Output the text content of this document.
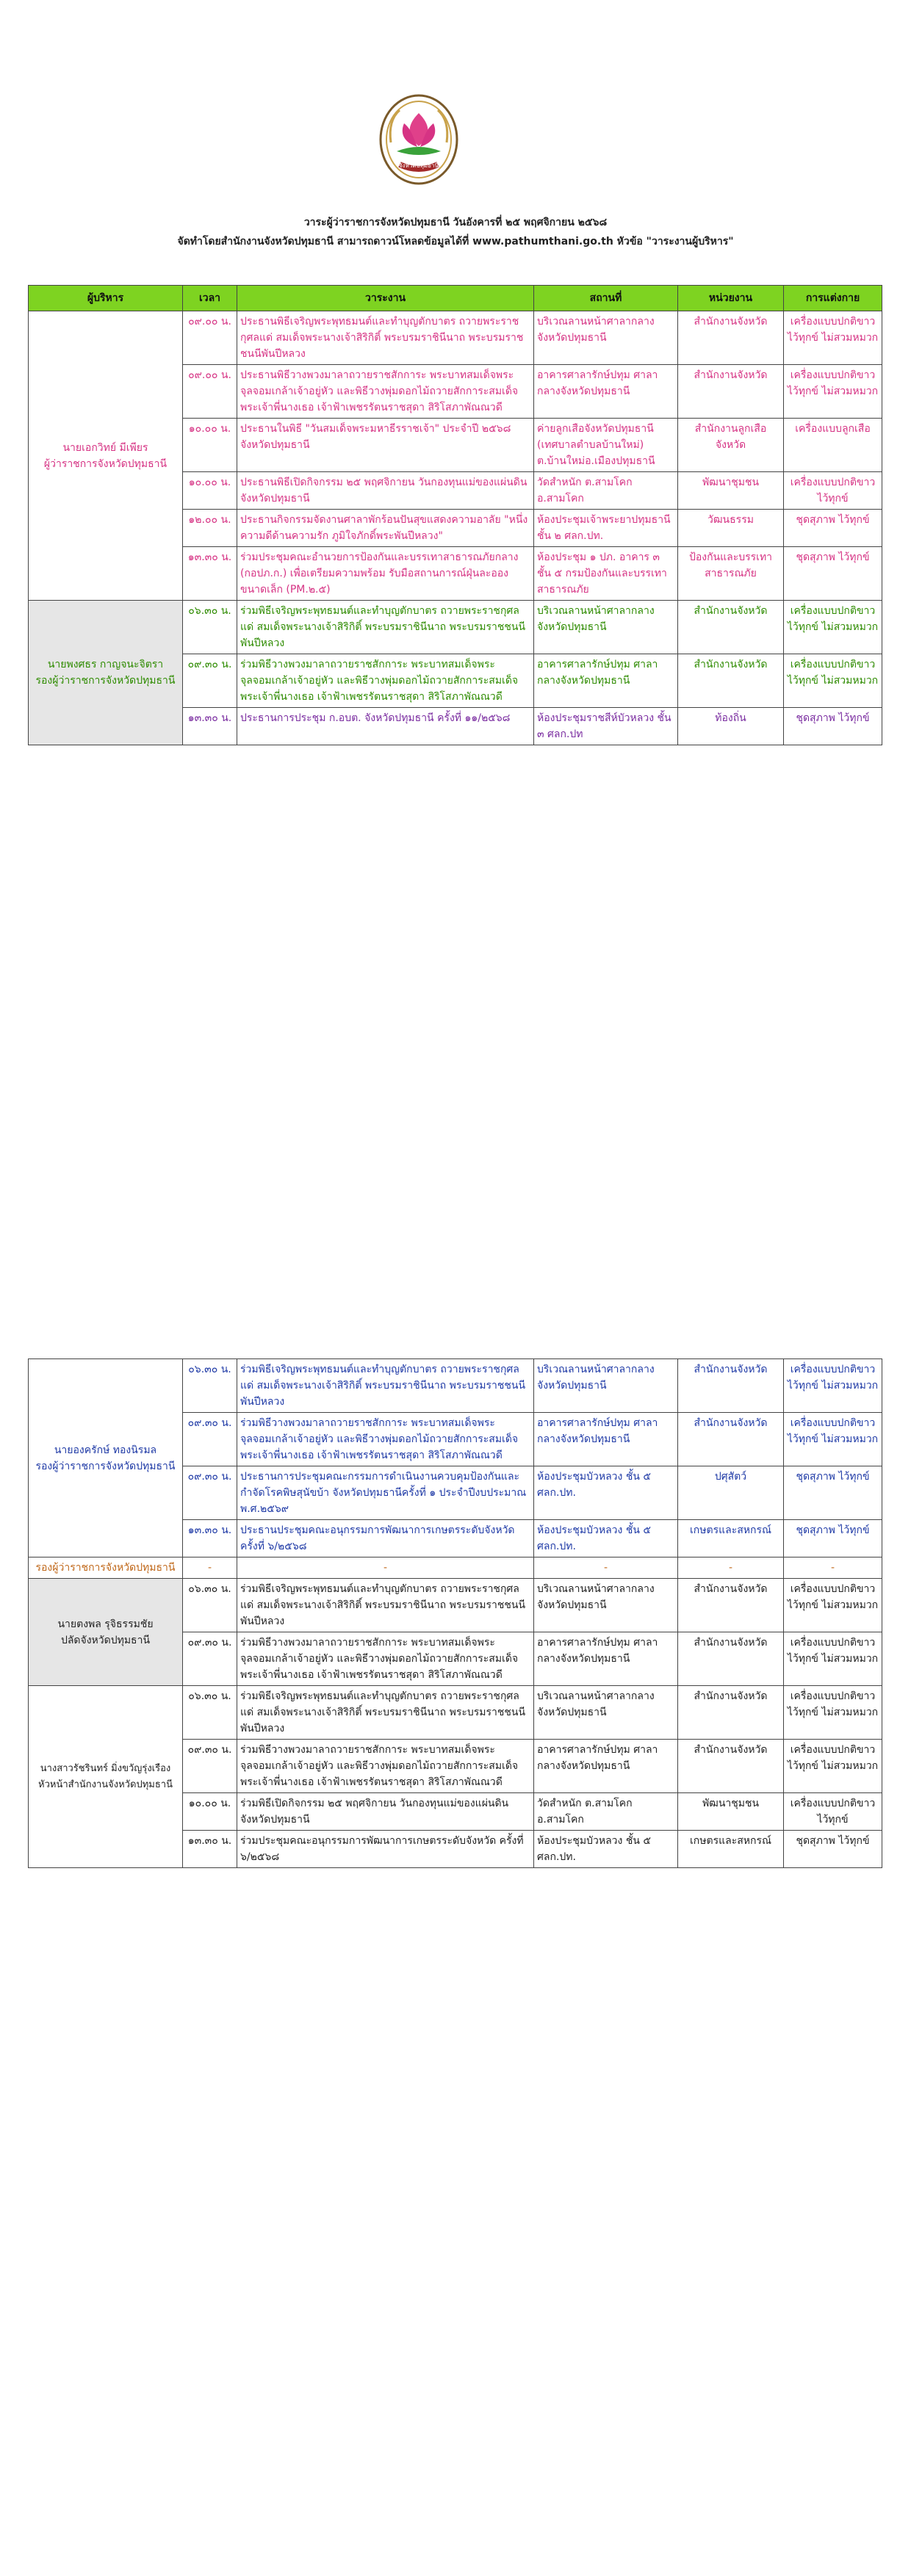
จังหวัดปทุมธานี
วาระผู้ว่าราชการจังหวัดปทุมธานี วันอังคารที่ ๒๕ พฤศจิกายน ๒๕๖๘
จัดทำโดยสำนักงานจังหวัดปทุมธานี สามารถดาวน์โหลดข้อมูลได้ที่ www.pathumthani.go.th หัวข้อ "วาระงานผู้บริหาร"
ผู้บริหาร	เวลา	วาระงาน	สถานที่	หน่วยงาน	การแต่งกาย

นายเอกวิทย์ มีเพียร
ผู้ว่าราชการจังหวัดปทุมธานี	๐๙.๐๐ น.	ประธานพิธีเจริญพระพุทธมนต์และทำบุญตักบาตร ถวายพระราชกุศลแด่ สมเด็จพระนางเจ้าสิริกิติ์ พระบรมราชินีนาถ พระบรมราชชนนีพันปีหลวง	บริเวณลานหน้าศาลากลางจังหวัดปทุมธานี	สำนักงานจังหวัด	เครื่องแบบปกติขาว ไว้ทุกข์ ไม่สวมหมวก
	๐๙.๐๐ น.	ประธานพิธีวางพวงมาลาถวายราชสักการะ พระบาทสมเด็จพระจุลจอมเกล้าเจ้าอยู่หัว และพิธีวางพุ่มดอกไม้ถวายสักการะสมเด็จพระเจ้าพี่นางเธอ เจ้าฟ้าเพชรรัตนราชสุดา สิริโสภาพัณณวดี	อาคารศาลารักษ์ปทุม ศาลากลางจังหวัดปทุมธานี	สำนักงานจังหวัด	เครื่องแบบปกติขาว ไว้ทุกข์ ไม่สวมหมวก
	๑๐.๐๐ น.	ประธานในพิธี "วันสมเด็จพระมหาธีรราชเจ้า" ประจำปี ๒๕๖๘ จังหวัดปทุมธานี	ค่ายลูกเสือจังหวัดปทุมธานี (เทศบาลตำบลบ้านใหม่) ต.บ้านใหม่อ.เมืองปทุมธานี	สำนักงานลูกเสือจังหวัด	เครื่องแบบลูกเสือ
	๑๐.๐๐ น.	ประธานพิธีเปิดกิจกรรม ๒๕ พฤศจิกายน วันกองทุนแม่ของแผ่นดิน จังหวัดปทุมธานี	วัดสำหนัก ต.สามโคก อ.สามโคก	พัฒนาชุมชน	เครื่องแบบปกติขาว ไว้ทุกข์
	๑๒.๐๐ น.	ประธานกิจกรรมจัดงานศาลาพักร้อนปันสุขแสดงความอาลัย "หนึ่งความดีด้านความรัก ภูมิใจภักดิ์พระพันปีหลวง"	ห้องประชุมเจ้าพระยาปทุมธานี ชั้น ๒ ศลก.ปท.	วัฒนธรรม	ชุดสุภาพ ไว้ทุกข์
	๑๓.๓๐ น.	ร่วมประชุมคณะอำนวยการป้องกันและบรรเทาสาธารณภัยกลาง (กอปภ.ก.) เพื่อเตรียมความพร้อม รับมือสถานการณ์ฝุ่นละอองขนาดเล็ก (PM.๒.๕)	ห้องประชุม ๑ ปภ. อาคาร ๓ ชั้น ๕ กรมป้องกันและบรรเทาสาธารณภัย	ป้องกันและบรรเทาสาธารณภัย	ชุดสุภาพ ไว้ทุกข์

นายพงศธร กาญจนะจิตรา
รองผู้ว่าราชการจังหวัดปทุมธานี	๐๖.๓๐ น.	ร่วมพิธีเจริญพระพุทธมนต์และทำบุญตักบาตร ถวายพระราชกุศลแด่ สมเด็จพระนางเจ้าสิริกิติ์ พระบรมราชินีนาถ พระบรมราชชนนีพันปีหลวง	บริเวณลานหน้าศาลากลางจังหวัดปทุมธานี	สำนักงานจังหวัด	เครื่องแบบปกติขาว ไว้ทุกข์ ไม่สวมหมวก
	๐๙.๓๐ น.	ร่วมพิธีวางพวงมาลาถวายราชสักการะ พระบาทสมเด็จพระจุลจอมเกล้าเจ้าอยู่หัว และพิธีวางพุ่มดอกไม้ถวายสักการะสมเด็จพระเจ้าพี่นางเธอ เจ้าฟ้าเพชรรัตนราชสุดา สิริโสภาพัณณวดี	อาคารศาลารักษ์ปทุม ศาลากลางจังหวัดปทุมธานี	สำนักงานจังหวัด	เครื่องแบบปกติขาว ไว้ทุกข์ ไม่สวมหมวก
	๑๓.๓๐ น.	ประธานการประชุม ก.อบต. จังหวัดปทุมธานี ครั้งที่ ๑๑/๒๕๖๘	ห้องประชุมราชสีห์บัวหลวง ชั้น ๓ ศลก.ปท	ท้องถิ่น	ชุดสุภาพ ไว้ทุกข์
นายองครักษ์ ทองนิรมล
รองผู้ว่าราชการจังหวัดปทุมธานี	๐๖.๓๐ น.	ร่วมพิธีเจริญพระพุทธมนต์และทำบุญตักบาตร ถวายพระราชกุศลแด่ สมเด็จพระนางเจ้าสิริกิติ์ พระบรมราชินีนาถ พระบรมราชชนนีพันปีหลวง	บริเวณลานหน้าศาลากลางจังหวัดปทุมธานี	สำนักงานจังหวัด	เครื่องแบบปกติขาว ไว้ทุกข์ ไม่สวมหมวก
	๐๙.๓๐ น.	ร่วมพิธีวางพวงมาลาถวายราชสักการะ พระบาทสมเด็จพระจุลจอมเกล้าเจ้าอยู่หัว และพิธีวางพุ่มดอกไม้ถวายสักการะสมเด็จพระเจ้าพี่นางเธอ เจ้าฟ้าเพชรรัตนราชสุดา สิริโสภาพัณณวดี	อาคารศาลารักษ์ปทุม ศาลากลางจังหวัดปทุมธานี	สำนักงานจังหวัด	เครื่องแบบปกติขาว ไว้ทุกข์ ไม่สวมหมวก
	๐๙.๓๐ น.	ประธานการประชุมคณะกรรมการดำเนินงานควบคุมป้องกันและกำจัดโรคพิษสุนัขบ้า จังหวัดปทุมธานีครั้งที่ ๑ ประจำปีงบประมาณ พ.ศ.๒๕๖๙	ห้องประชุมบัวหลวง ชั้น ๕ ศลก.ปท.	ปศุสัตว์	ชุดสุภาพ ไว้ทุกข์
	๑๓.๓๐ น.	ประธานประชุมคณะอนุกรรมการพัฒนาการเกษตรระดับจังหวัด ครั้งที่ ๖/๒๕๖๘	ห้องประชุมบัวหลวง ชั้น ๕ ศลก.ปท.	เกษตรและสหกรณ์	ชุดสุภาพ ไว้ทุกข์

รองผู้ว่าราชการจังหวัดปทุมธานี	-	-	-	-	-

นายตงพล รุจิธรรมชัย
ปลัดจังหวัดปทุมธานี	๐๖.๓๐ น.	ร่วมพิธีเจริญพระพุทธมนต์และทำบุญตักบาตร ถวายพระราชกุศลแด่ สมเด็จพระนางเจ้าสิริกิติ์ พระบรมราชินีนาถ พระบรมราชชนนีพันปีหลวง	บริเวณลานหน้าศาลากลางจังหวัดปทุมธานี	สำนักงานจังหวัด	เครื่องแบบปกติขาว ไว้ทุกข์ ไม่สวมหมวก
	๐๙.๓๐ น.	ร่วมพิธีวางพวงมาลาถวายราชสักการะ พระบาทสมเด็จพระจุลจอมเกล้าเจ้าอยู่หัว และพิธีวางพุ่มดอกไม้ถวายสักการะสมเด็จพระเจ้าพี่นางเธอ เจ้าฟ้าเพชรรัตนราชสุดา สิริโสภาพัณณวดี	อาคารศาลารักษ์ปทุม ศาลากลางจังหวัดปทุมธานี	สำนักงานจังหวัด	เครื่องแบบปกติขาว ไว้ทุกข์ ไม่สวมหมวก

นางสาวรัชรินทร์ มิ่งขวัญรุ่งเรือง
หัวหน้าสำนักงานจังหวัดปทุมธานี	๐๖.๓๐ น.	ร่วมพิธีเจริญพระพุทธมนต์และทำบุญตักบาตร ถวายพระราชกุศลแด่ สมเด็จพระนางเจ้าสิริกิติ์ พระบรมราชินีนาถ พระบรมราชชนนีพันปีหลวง	บริเวณลานหน้าศาลากลางจังหวัดปทุมธานี	สำนักงานจังหวัด	เครื่องแบบปกติขาว ไว้ทุกข์ ไม่สวมหมวก
	๐๙.๓๐ น.	ร่วมพิธีวางพวงมาลาถวายราชสักการะ พระบาทสมเด็จพระจุลจอมเกล้าเจ้าอยู่หัว และพิธีวางพุ่มดอกไม้ถวายสักการะสมเด็จพระเจ้าพี่นางเธอ เจ้าฟ้าเพชรรัตนราชสุดา สิริโสภาพัณณวดี	อาคารศาลารักษ์ปทุม ศาลากลางจังหวัดปทุมธานี	สำนักงานจังหวัด	เครื่องแบบปกติขาว ไว้ทุกข์ ไม่สวมหมวก
	๑๐.๐๐ น.	ร่วมพิธีเปิดกิจกรรม ๒๕ พฤศจิกายน วันกองทุนแม่ของแผ่นดิน จังหวัดปทุมธานี	วัดสำหนัก ต.สามโคก อ.สามโคก	พัฒนาชุมชน	เครื่องแบบปกติขาว ไว้ทุกข์
	๑๓.๓๐ น.	ร่วมประชุมคณะอนุกรรมการพัฒนาการเกษตรระดับจังหวัด ครั้งที่ ๖/๒๕๖๘	ห้องประชุมบัวหลวง ชั้น ๕ ศลก.ปท.	เกษตรและสหกรณ์	ชุดสุภาพ ไว้ทุกข์
